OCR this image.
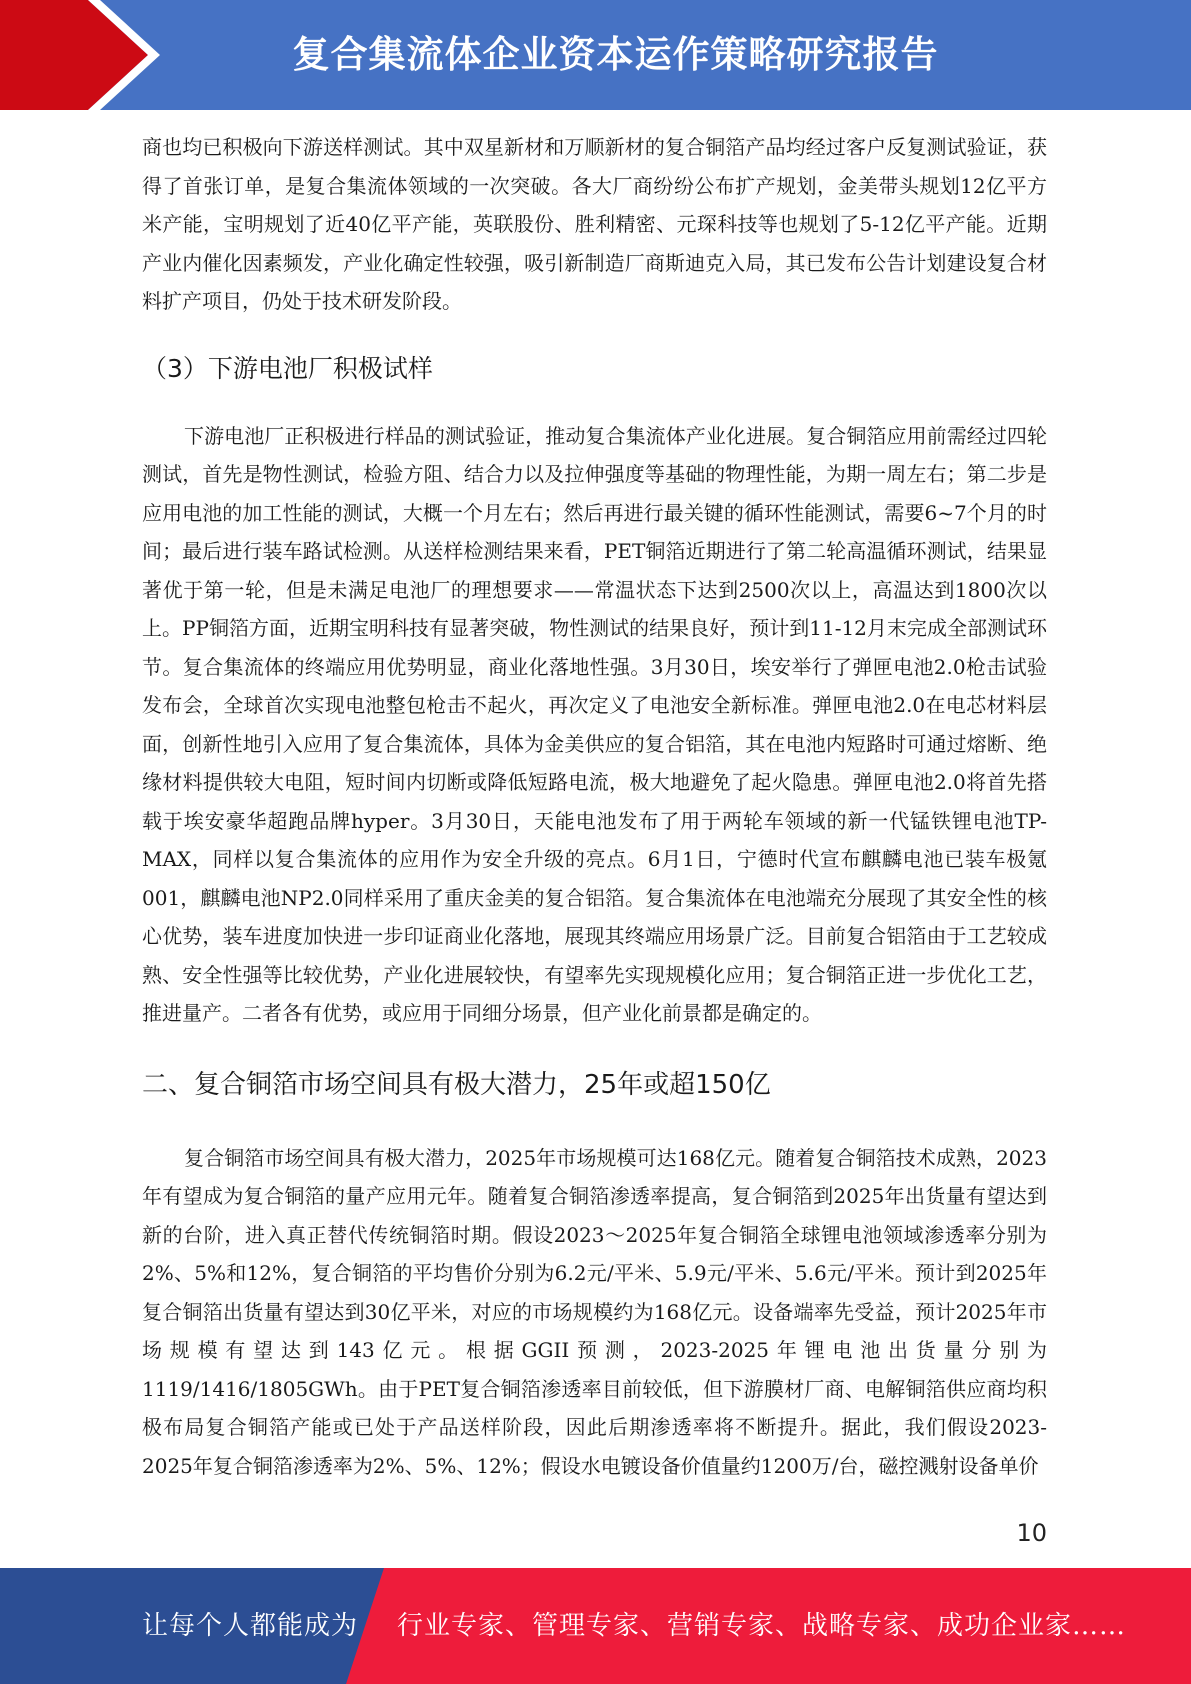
复合集流体企业资本运作策略研究报告

商也均已积极向下游送样测试。其中双星新材和万顺新材的复合铜箔产品均经过客户反复测试验证，获得了首张订单，是复合集流体领域的一次突破。各大厂商纷纷公布扩产规划，金美带头规划12亿平方米产能，宝明规划了近40亿平产能，英联股份、胜利精密、元琛科技等也规划了5-12亿平产能。近期产业内催化因素频发，产业化确定性较强，吸引新制造厂商斯迪克入局，其已发布公告计划建设复合材料扩产项目，仍处于技术研发阶段。

（3）下游电池厂积极试样

下游电池厂正积极进行样品的测试验证，推动复合集流体产业化进展。复合铜箔应用前需经过四轮测试，首先是物性测试，检验方阻、结合力以及拉伸强度等基础的物理性能，为期一周左右；第二步是应用电池的加工性能的测试，大概一个月左右；然后再进行最关键的循环性能测试，需要6~7个月的时间；最后进行装车路试检测。从送样检测结果来看，PET铜箔近期进行了第二轮高温循环测试，结果显著优于第一轮，但是未满足电池厂的理想要求——常温状态下达到2500次以上，高温达到1800次以上。PP铜箔方面，近期宝明科技有显著突破，物性测试的结果良好，预计到11-12月末完成全部测试环节。复合集流体的终端应用优势明显，商业化落地性强。3月30日，埃安举行了弹匣电池2.0枪击试验发布会，全球首次实现电池整包枪击不起火，再次定义了电池安全新标准。弹匣电池2.0在电芯材料层面，创新性地引入应用了复合集流体，具体为金美供应的复合铝箔，其在电池内短路时可通过熔断、绝缘材料提供较大电阻，短时间内切断或降低短路电流，极大地避免了起火隐患。弹匣电池2.0将首先搭载于埃安豪华超跑品牌hyper。3月30日，天能电池发布了用于两轮车领域的新一代锰铁锂电池TP-MAX，同样以复合集流体的应用作为安全升级的亮点。6月1日，宁德时代宣布麒麟电池已装车极氪001，麒麟电池NP2.0同样采用了重庆金美的复合铝箔。复合集流体在电池端充分展现了其安全性的核心优势，装车进度加快进一步印证商业化落地，展现其终端应用场景广泛。目前复合铝箔由于工艺较成熟、安全性强等比较优势，产业化进展较快，有望率先实现规模化应用；复合铜箔正进一步优化工艺，推进量产。二者各有优势，或应用于同细分场景，但产业化前景都是确定的。

二、复合铜箔市场空间具有极大潜力，25年或超150亿

复合铜箔市场空间具有极大潜力，2025年市场规模可达168亿元。随着复合铜箔技术成熟，2023年有望成为复合铜箔的量产应用元年。随着复合铜箔渗透率提高，复合铜箔到2025年出货量有望达到新的台阶，进入真正替代传统铜箔时期。假设2023～2025年复合铜箔全球锂电池领域渗透率分别为2%、5%和12%，复合铜箔的平均售价分别为6.2元/平米、5.9元/平米、5.6元/平米。预计到2025年复合铜箔出货量有望达到30亿平米，对应的市场规模约为168亿元。设备端率先受益，预计2025年市场规模有望达到143亿元。根据GGII预测，2023-2025年锂电池出货量分别为1119/1416/1805GWh。由于PET复合铜箔渗透率目前较低，但下游膜材厂商、电解铜箔供应商均积极布局复合铜箔产能或已处于产品送样阶段，因此后期渗透率将不断提升。据此，我们假设2023-2025年复合铜箔渗透率为2%、5%、12%；假设水电镀设备价值量约1200万/台，磁控溅射设备单价

10
让每个人都能成为 行业专家、管理专家、营销专家、战略专家、成功企业家……
